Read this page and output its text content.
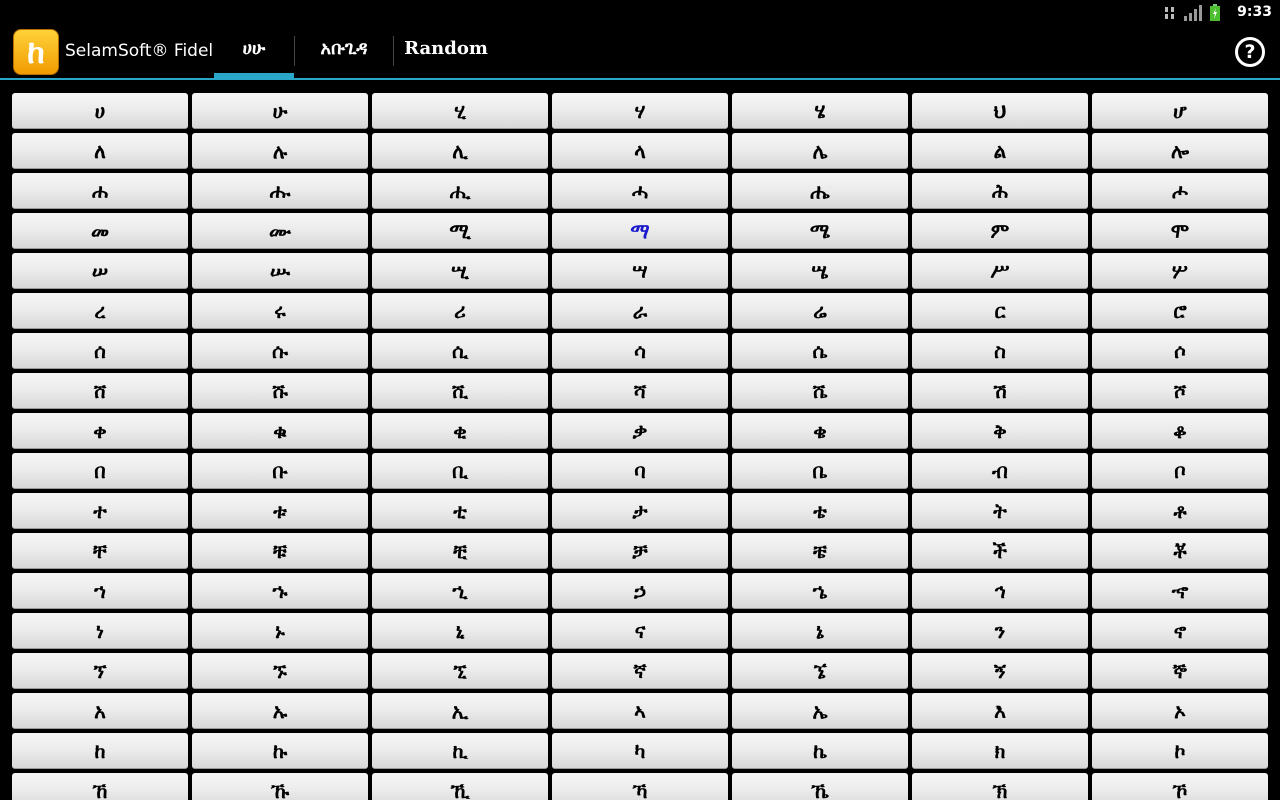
9:33
ከ	SelamSoft® Fidel	ሀሁ	አቡጊዳ	Random	?
ሀ	ሁ	ሂ	ሃ	ሄ	ህ	ሆ
ለ	ሉ	ሊ	ላ	ሌ	ል	ሎ
ሐ	ሑ	ሒ	ሓ	ሔ	ሕ	ሖ
መ	ሙ	ሚ	ማ	ሜ	ም	ሞ
ሠ	ሡ	ሢ	ሣ	ሤ	ሥ	ሦ
ረ	ሩ	ሪ	ራ	ሬ	ር	ሮ
ሰ	ሱ	ሲ	ሳ	ሴ	ስ	ሶ
ሸ	ሹ	ሺ	ሻ	ሼ	ሽ	ሾ
ቀ	ቁ	ቂ	ቃ	ቄ	ቅ	ቆ
በ	ቡ	ቢ	ባ	ቤ	ብ	ቦ
ተ	ቱ	ቲ	ታ	ቴ	ት	ቶ
ቸ	ቹ	ቺ	ቻ	ቼ	ች	ቾ
ኀ	ኁ	ኂ	ኃ	ኄ	ኅ	ኆ
ነ	ኑ	ኒ	ና	ኔ	ን	ኖ
ኘ	ኙ	ኚ	ኛ	ኜ	ኝ	ኞ
አ	ኡ	ኢ	ኣ	ኤ	እ	ኦ
ከ	ኩ	ኪ	ካ	ኬ	ክ	ኮ
ኸ	ኹ	ኺ	ኻ	ኼ	ኽ	ኾ
